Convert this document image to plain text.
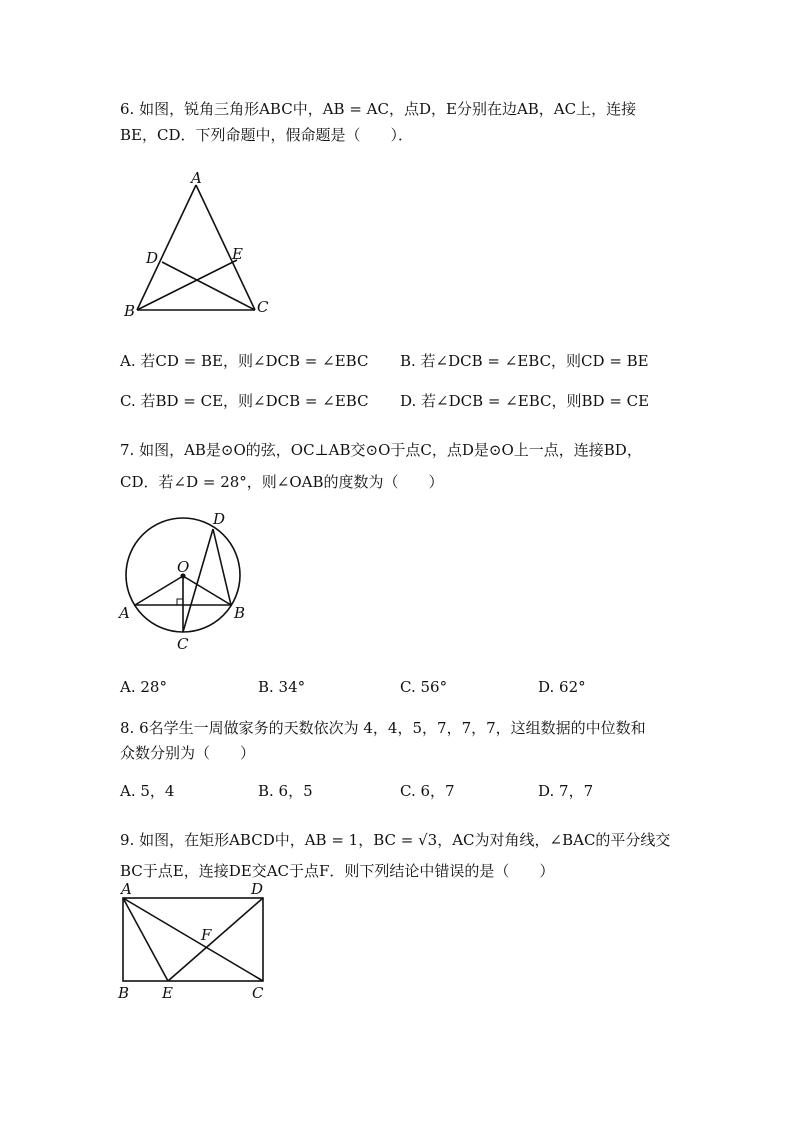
6. 如图，锐角三角形ABC中，AB = AC，点D，E分别在边AB，AC上，连接
BE，CD．下列命题中，假命题是（　　）．
A
B	C
D	E
A. 若CD = BE，则∠DCB = ∠EBC B. 若∠DCB = ∠EBC，则CD = BE
C. 若BD = CE，则∠DCB = ∠EBC D. 若∠DCB = ∠EBC，则BD = CE
7. 如图，AB是⊙O的弦，OC⊥AB交⊙O于点C，点D是⊙O上一点，连接BD，
CD．若∠D = 28°，则∠OAB的度数为（　　）
O
A	B
C
D
A. 28°	B. 34°	C. 56°	D. 62°
8. 6名学生一周做家务的天数依次为 4，4，5，7，7，7，这组数据的中位数和
众数分别为（　　）
A. 5，4	B. 6，5	C. 6，7	D. 7，7
9. 如图，在矩形ABCD中，AB = 1，BC = √3，AC为对角线，∠BAC的平分线交
BC于点E，连接DE交AC于点F．则下列结论中错误的是（　　）
A	D
F
B E	C
